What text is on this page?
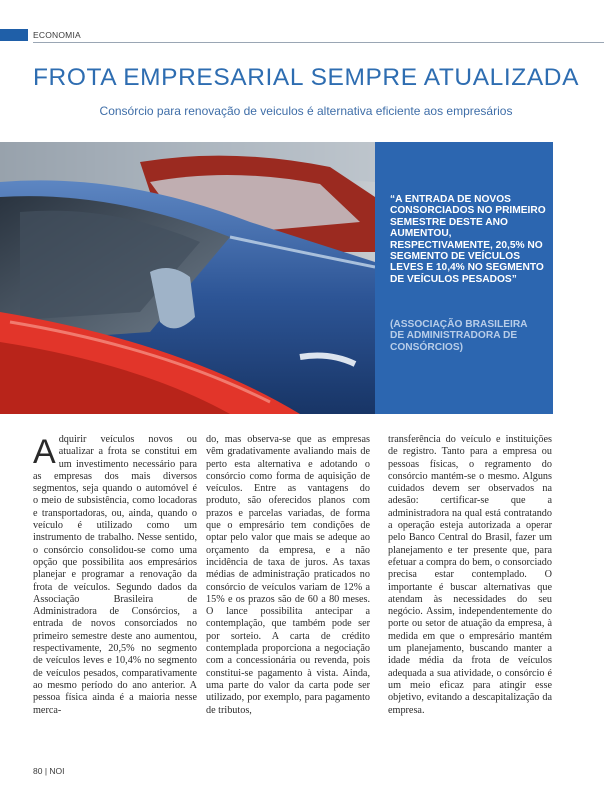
ECONOMIA
FROTA EMPRESARIAL SEMPRE ATUALIZADA
Consórcio para renovação de veiculos é alternativa eficiente aos empresários

“A ENTRADA DE NOVOS CONSORCIADOS NO PRIMEIRO SEMESTRE DESTE ANO AUMENTOU, RESPECTIVAMENTE, 20,5% NO SEGMENTO DE VEÍCULOS LEVES E 10,4% NO SEGMENTO DE VEÍCULOS PESADOS”

(ASSOCIAÇÃO BRASILEIRA DE ADMINISTRADORA DE CONSÓRCIOS)

Adquirir veículos novos ou atualizar a frota se constitui em um investimento necessário para as empresas dos mais diversos segmentos, seja quando o automóvel é o meio de subsistência, como locadoras e transportadoras, ou, ainda, quando o veículo é utilizado como um instrumento de trabalho. Nesse sentido, o consórcio consolidou-se como uma opção que possibilita aos empresários planejar e programar a renovação da frota de veículos. Segundo dados da Associação Brasileira de Administradora de Consórcios, a entrada de novos consorciados no primeiro semestre deste ano aumentou, respectivamente, 20,5% no segmento de veículos leves e 10,4% no segmento de veículos pesados, comparativamente ao mesmo período do ano anterior. A pessoa física ainda é a maioria nesse merca-

do, mas observa-se que as empresas vêm gradativamente avaliando mais de perto esta alternativa e adotando o consórcio como forma de aquisição de veículos. Entre as vantagens do produto, são oferecidos planos com prazos e parcelas variadas, de forma que o empresário tem condições de optar pelo valor que mais se adeque ao orçamento da empresa, e a não incidência de taxa de juros. As taxas médias de administração praticados no consórcio de veículos variam de 12% a 15% e os prazos são de 60 a 80 meses. O lance possibilita antecipar a contemplação, que também pode ser por sorteio. A carta de crédito contemplada proporciona a negociação com a concessionária ou revenda, pois constitui-se pagamento à vista. Ainda, uma parte do valor da carta pode ser utilizado, por exemplo, para pagamento de tributos,

transferência do veículo e instituições de registro. Tanto para a empresa ou pessoas físicas, o regramento do consórcio mantém-se o mesmo. Alguns cuidados devem ser observados na adesão: certificar-se que a administradora na qual está contratando a operação esteja autorizada a operar pelo Banco Central do Brasil, fazer um planejamento e ter presente que, para efetuar a compra do bem, o consorciado precisa estar contemplado. O importante é buscar alternativas que atendam às necessidades do seu negócio. Assim, independentemente do porte ou setor de atuação da empresa, à medida em que o empresário mantém um planejamento, buscando manter a idade média da frota de veículos adequada a sua atividade, o consórcio é um meio eficaz para atingir esse objetivo, evitando a descapitalização da empresa.

80 | NOI
